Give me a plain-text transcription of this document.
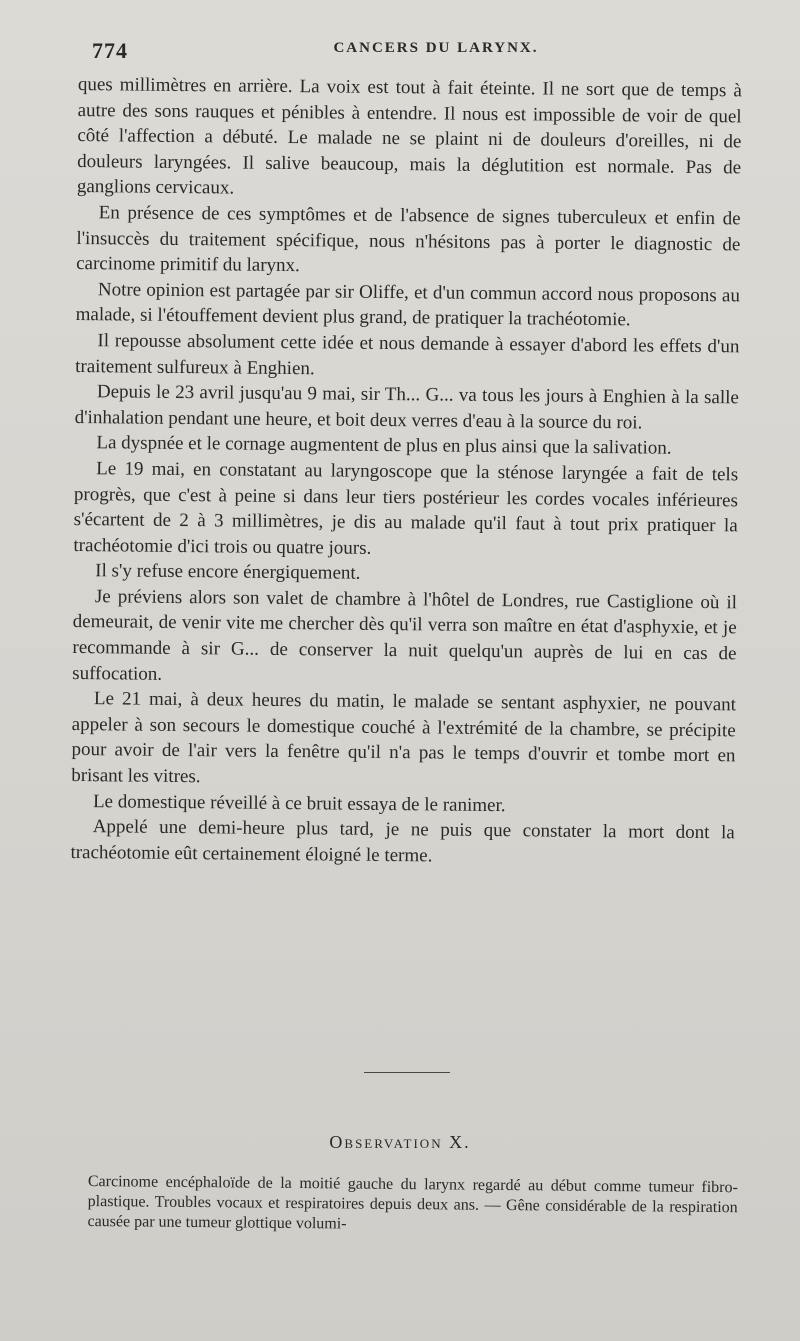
774	CANCERS DU LARYNX.

ques millimètres en arrière. La voix est tout à fait éteinte. Il ne sort que de temps à autre des sons rauques et pénibles à entendre. Il nous est impossible de voir de quel côté l'affection a débuté. Le malade ne se plaint ni de douleurs d'oreilles, ni de douleurs laryngées. Il salive beaucoup, mais la déglutition est normale. Pas de ganglions cervicaux.

En présence de ces symptômes et de l'absence de signes tuberculeux et enfin de l'insuccès du traitement spécifique, nous n'hésitons pas à porter le diagnostic de carcinome primitif du larynx.

Notre opinion est partagée par sir Oliffe, et d'un commun accord nous proposons au malade, si l'étouffement devient plus grand, de pratiquer la trachéotomie.

Il repousse absolument cette idée et nous demande à essayer d'abord les effets d'un traitement sulfureux à Enghien.

Depuis le 23 avril jusqu'au 9 mai, sir Th... G... va tous les jours à Enghien à la salle d'inhalation pendant une heure, et boit deux verres d'eau à la source du roi.

La dyspnée et le cornage augmentent de plus en plus ainsi que la salivation.

Le 19 mai, en constatant au laryngoscope que la sténose laryngée a fait de tels progrès, que c'est à peine si dans leur tiers postérieur les cordes vocales inférieures s'écartent de 2 à 3 millimètres, je dis au malade qu'il faut à tout prix pratiquer la trachéotomie d'ici trois ou quatre jours.

Il s'y refuse encore énergiquement.

Je préviens alors son valet de chambre à l'hôtel de Londres, rue Castiglione où il demeurait, de venir vite me chercher dès qu'il verra son maître en état d'asphyxie, et je recommande à sir G... de conserver la nuit quelqu'un auprès de lui en cas de suffocation.

Le 21 mai, à deux heures du matin, le malade se sentant asphyxier, ne pouvant appeler à son secours le domestique couché à l'extrémité de la chambre, se précipite pour avoir de l'air vers la fenêtre qu'il n'a pas le temps d'ouvrir et tombe mort en brisant les vitres.

Le domestique réveillé à ce bruit essaya de le ranimer.

Appelé une demi-heure plus tard, je ne puis que constater la mort dont la trachéotomie eût certainement éloigné le terme.

Observation X.

Carcinome encéphaloïde de la moitié gauche du larynx regardé au début comme tumeur fibro-plastique. Troubles vocaux et respiratoires depuis deux ans. — Gêne considérable de la respiration causée par une tumeur glottique volumi-
